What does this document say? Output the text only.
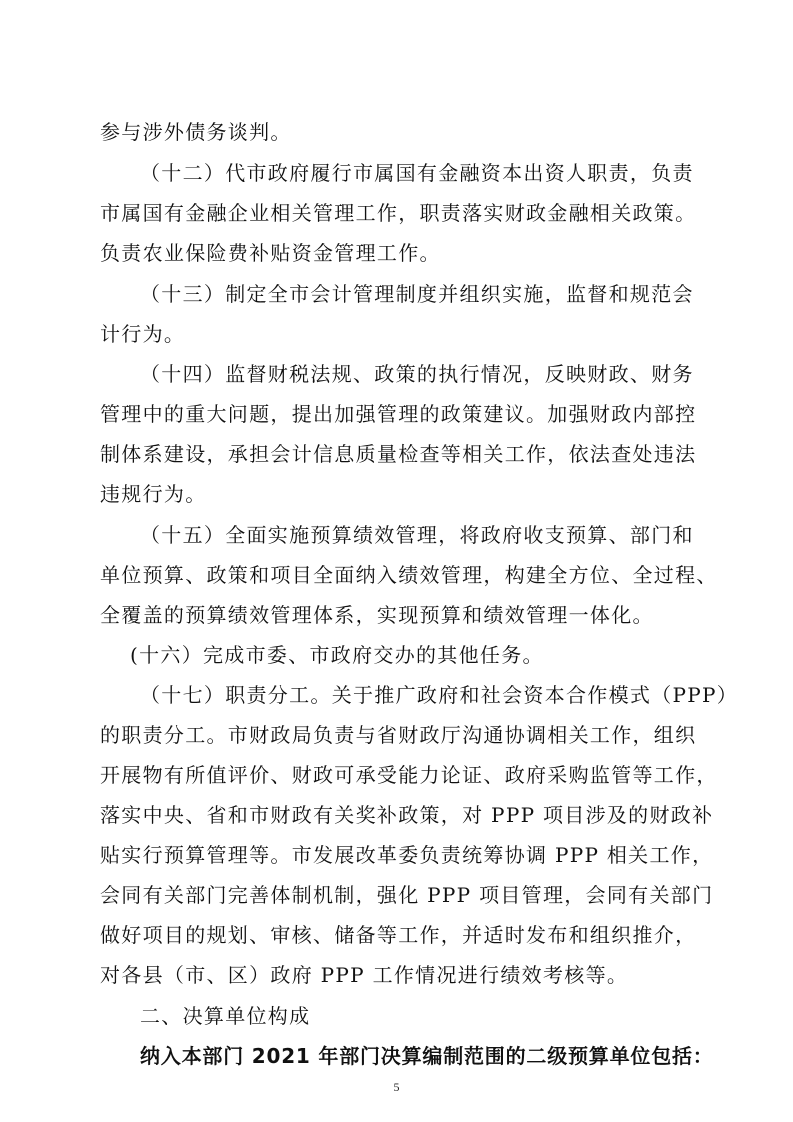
参与涉外债务谈判。
（十二）代市政府履行市属国有金融资本出资人职责，负责
市属国有金融企业相关管理工作，职责落实财政金融相关政策。
负责农业保险费补贴资金管理工作。
（十三）制定全市会计管理制度并组织实施，监督和规范会
计行为。
（十四）监督财税法规、政策的执行情况，反映财政、财务
管理中的重大问题，提出加强管理的政策建议。加强财政内部控
制体系建设，承担会计信息质量检查等相关工作，依法查处违法
违规行为。
（十五）全面实施预算绩效管理，将政府收支预算、部门和
单位预算、政策和项目全面纳入绩效管理，构建全方位、全过程、
全覆盖的预算绩效管理体系，实现预算和绩效管理一体化。
(十六）完成市委、市政府交办的其他任务。
（十七）职责分工。关于推广政府和社会资本合作模式（PPP）
的职责分工。市财政局负责与省财政厅沟通协调相关工作，组织
开展物有所值评价、财政可承受能力论证、政府采购监管等工作，
落实中央、省和市财政有关奖补政策，对 PPP 项目涉及的财政补
贴实行预算管理等。市发展改革委负责统筹协调 PPP 相关工作，
会同有关部门完善体制机制，强化 PPP 项目管理，会同有关部门
做好项目的规划、审核、储备等工作，并适时发布和组织推介，
对各县（市、区）政府 PPP 工作情况进行绩效考核等。
二、决算单位构成
纳入本部门 2021 年部门决算编制范围的二级预算单位包括：
5
